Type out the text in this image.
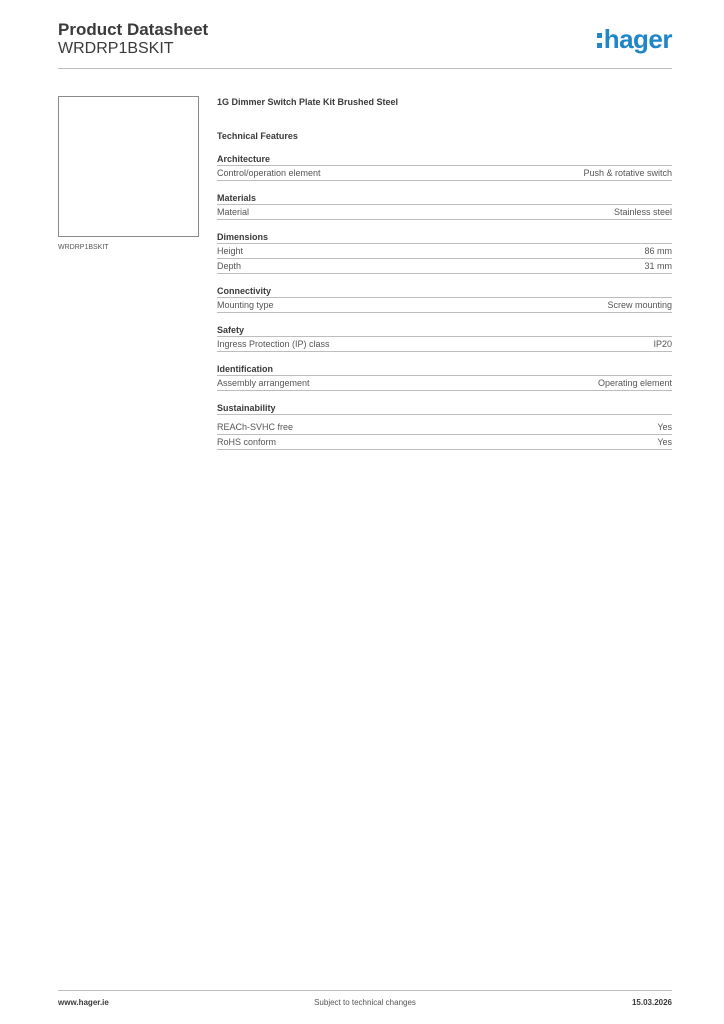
Product Datasheet
WRDRP1BSKIT	hager
WRDRP1BSKIT
1G Dimmer Switch Plate Kit Brushed Steel
Technical Features
Architecture
Control/operation element	Push & rotative switch
Materials
Material	Stainless steel
Dimensions
Height	86 mm
Depth	31 mm
Connectivity
Mounting type	Screw mounting
Safety
Ingress Protection (IP) class	IP20
Identification
Assembly arrangement	Operating element
Sustainability
REACh-SVHC free	Yes
RoHS conform	Yes
www.hager.ie	Subject to technical changes	15.03.2026
